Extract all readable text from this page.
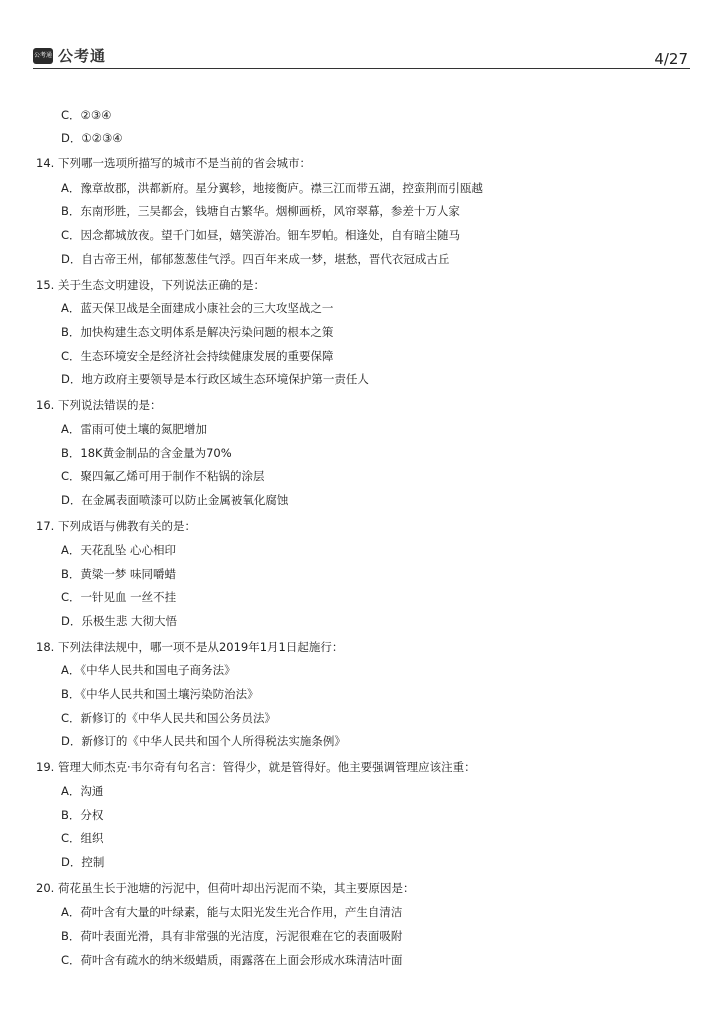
公考通 公考通	4/27
C．②③④
D．①②③④
14. 下列哪一选项所描写的城市不是当前的省会城市：
A．豫章故郡，洪都新府。星分翼轸，地接衡庐。襟三江而带五湖，控蛮荆而引瓯越
B．东南形胜，三吴都会，钱塘自古繁华。烟柳画桥，风帘翠幕，参差十万人家
C．因念都城放夜。望千门如昼，嬉笑游冶。钿车罗帕。相逢处，自有暗尘随马
D．自古帝王州，郁郁葱葱佳气浮。四百年来成一梦，堪愁，晋代衣冠成古丘
15. 关于生态文明建设，下列说法正确的是：
A．蓝天保卫战是全面建成小康社会的三大攻坚战之一
B．加快构建生态文明体系是解决污染问题的根本之策
C．生态环境安全是经济社会持续健康发展的重要保障
D．地方政府主要领导是本行政区域生态环境保护第一责任人
16. 下列说法错误的是：
A．雷雨可使土壤的氮肥增加
B．18K黄金制品的含金量为70%
C．聚四氟乙烯可用于制作不粘锅的涂层
D．在金属表面喷漆可以防止金属被氧化腐蚀
17. 下列成语与佛教有关的是：
A．天花乱坠 心心相印
B．黄粱一梦 味同嚼蜡
C．一针见血 一丝不挂
D．乐极生悲 大彻大悟
18. 下列法律法规中，哪一项不是从2019年1月1日起施行：
A．《中华人民共和国电子商务法》
B．《中华人民共和国土壤污染防治法》
C．新修订的《中华人民共和国公务员法》
D．新修订的《中华人民共和国个人所得税法实施条例》
19. 管理大师杰克·韦尔奇有句名言：管得少，就是管得好。他主要强调管理应该注重：
A．沟通
B．分权
C．组织
D．控制
20. 荷花虽生长于池塘的污泥中，但荷叶却出污泥而不染，其主要原因是：
A．荷叶含有大量的叶绿素，能与太阳光发生光合作用，产生自清洁
B．荷叶表面光滑，具有非常强的光洁度，污泥很难在它的表面吸附
C．荷叶含有疏水的纳米级蜡质，雨露落在上面会形成水珠清洁叶面
